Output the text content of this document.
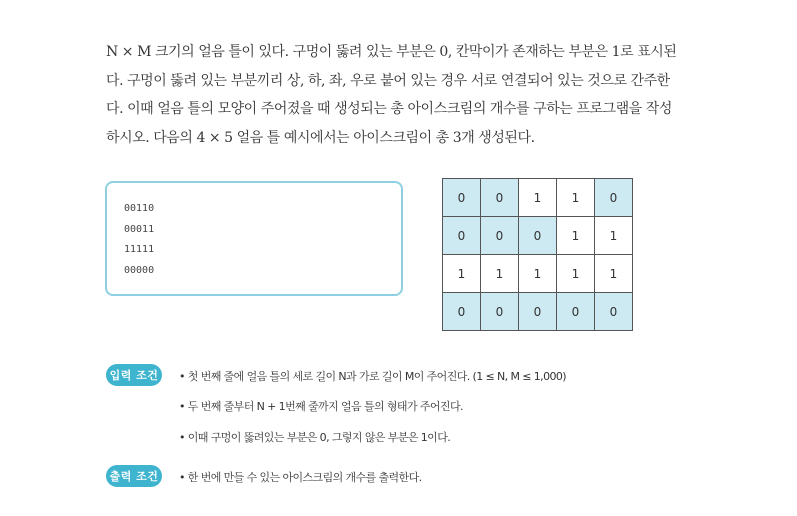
N × M 크기의 얼음 틀이 있다. 구멍이 뚫려 있는 부분은 0, 칸막이가 존재하는 부분은 1로 표시된

다. 구멍이 뚫려 있는 부분끼리 상, 하, 좌, 우로 붙어 있는 경우 서로 연결되어 있는 것으로 간주한

다. 이때 얼음 틀의 모양이 주어졌을 때 생성되는 총 아이스크림의 개수를 구하는 프로그램을 작성

하시오. 다음의 4 × 5 얼음 틀 예시에서는 아이스크림이 총 3개 생성된다.

00110
00011
11111
00000
0	0	1	1	0
0	0	0	1	1
1	1	1	1	1
0	0	0	0	0
입력 조건	• 첫 번째 줄에 얼음 틀의 세로 길이 N과 가로 길이 M이 주어진다. (1 ≤ N, M ≤ 1,000)
• 두 번째 줄부터 N + 1번째 줄까지 얼음 틀의 형태가 주어진다.
• 이때 구멍이 뚫려있는 부분은 0, 그렇지 않은 부분은 1이다.
출력 조건	• 한 번에 만들 수 있는 아이스크림의 개수를 출력한다.
